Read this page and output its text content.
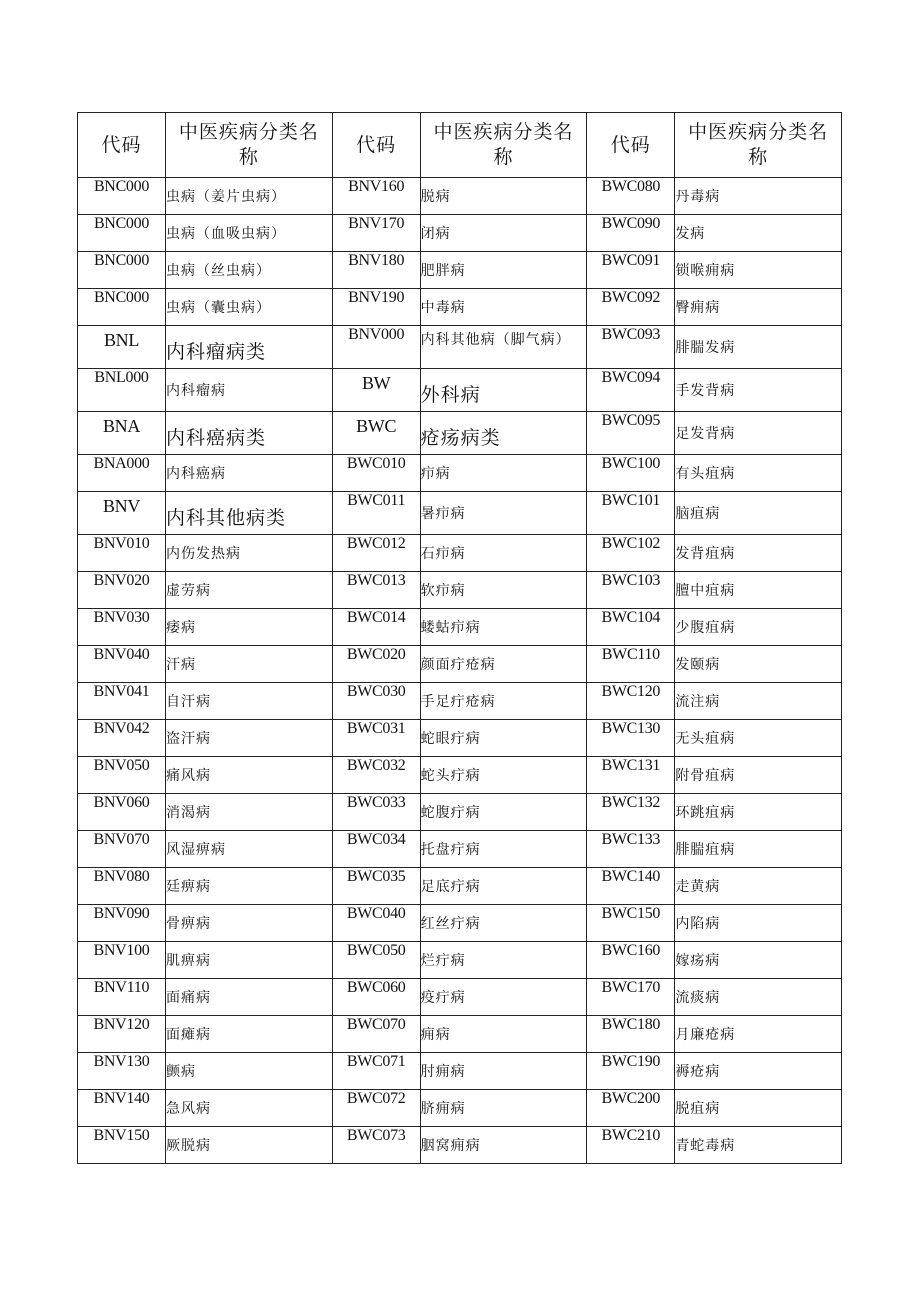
代码	中医疾病分类名称	代码	中医疾病分类名称	代码	中医疾病分类名称
BNC000	虫病（姜片虫病）	BNV160	脱病	BWC080	丹毒病
BNC000	虫病（血吸虫病）	BNV170	闭病	BWC090	发病
BNC000	虫病（丝虫病）	BNV180	肥胖病	BWC091	锁喉痈病
BNC000	虫病（囊虫病）	BNV190	中毒病	BWC092	臀痈病
BNL	内科瘤病类	BNV000	内科其他病（脚气病）	BWC093	腓腨发病
BNL000	内科瘤病	BW	外科病	BWC094	手发背病
BNA	内科癌病类	BWC	疮疡病类	BWC095	足发背病
BNA000	内科癌病	BWC010	疖病	BWC100	有头疽病
BNV	内科其他病类	BWC011	暑疖病	BWC101	脑疽病
BNV010	内伤发热病	BWC012	石疖病	BWC102	发背疽病
BNV020	虚劳病	BWC013	软疖病	BWC103	膻中疽病
BNV030	痿病	BWC014	蝼蛄疖病	BWC104	少腹疽病
BNV040	汗病	BWC020	颜面疔疮病	BWC110	发颐病
BNV041	自汗病	BWC030	手足疔疮病	BWC120	流注病
BNV042	盗汗病	BWC031	蛇眼疔病	BWC130	无头疽病
BNV050	痛风病	BWC032	蛇头疔病	BWC131	附骨疽病
BNV060	消渴病	BWC033	蛇腹疔病	BWC132	环跳疽病
BNV070	风湿痹病	BWC034	托盘疔病	BWC133	腓腨疽病
BNV080	廷痹病	BWC035	足底疔病	BWC140	走黄病
BNV090	骨痹病	BWC040	红丝疔病	BWC150	内陷病
BNV100	肌痹病	BWC050	烂疔病	BWC160	嫁疡病
BNV110	面痛病	BWC060	疫疔病	BWC170	流痰病
BNV120	面瘫病	BWC070	痈病	BWC180	月廉疮病
BNV130	颤病	BWC071	肘痈病	BWC190	褥疮病
BNV140	急风病	BWC072	脐痈病	BWC200	脱疽病
BNV150	厥脱病	BWC073	胭窝痈病	BWC210	青蛇毒病
